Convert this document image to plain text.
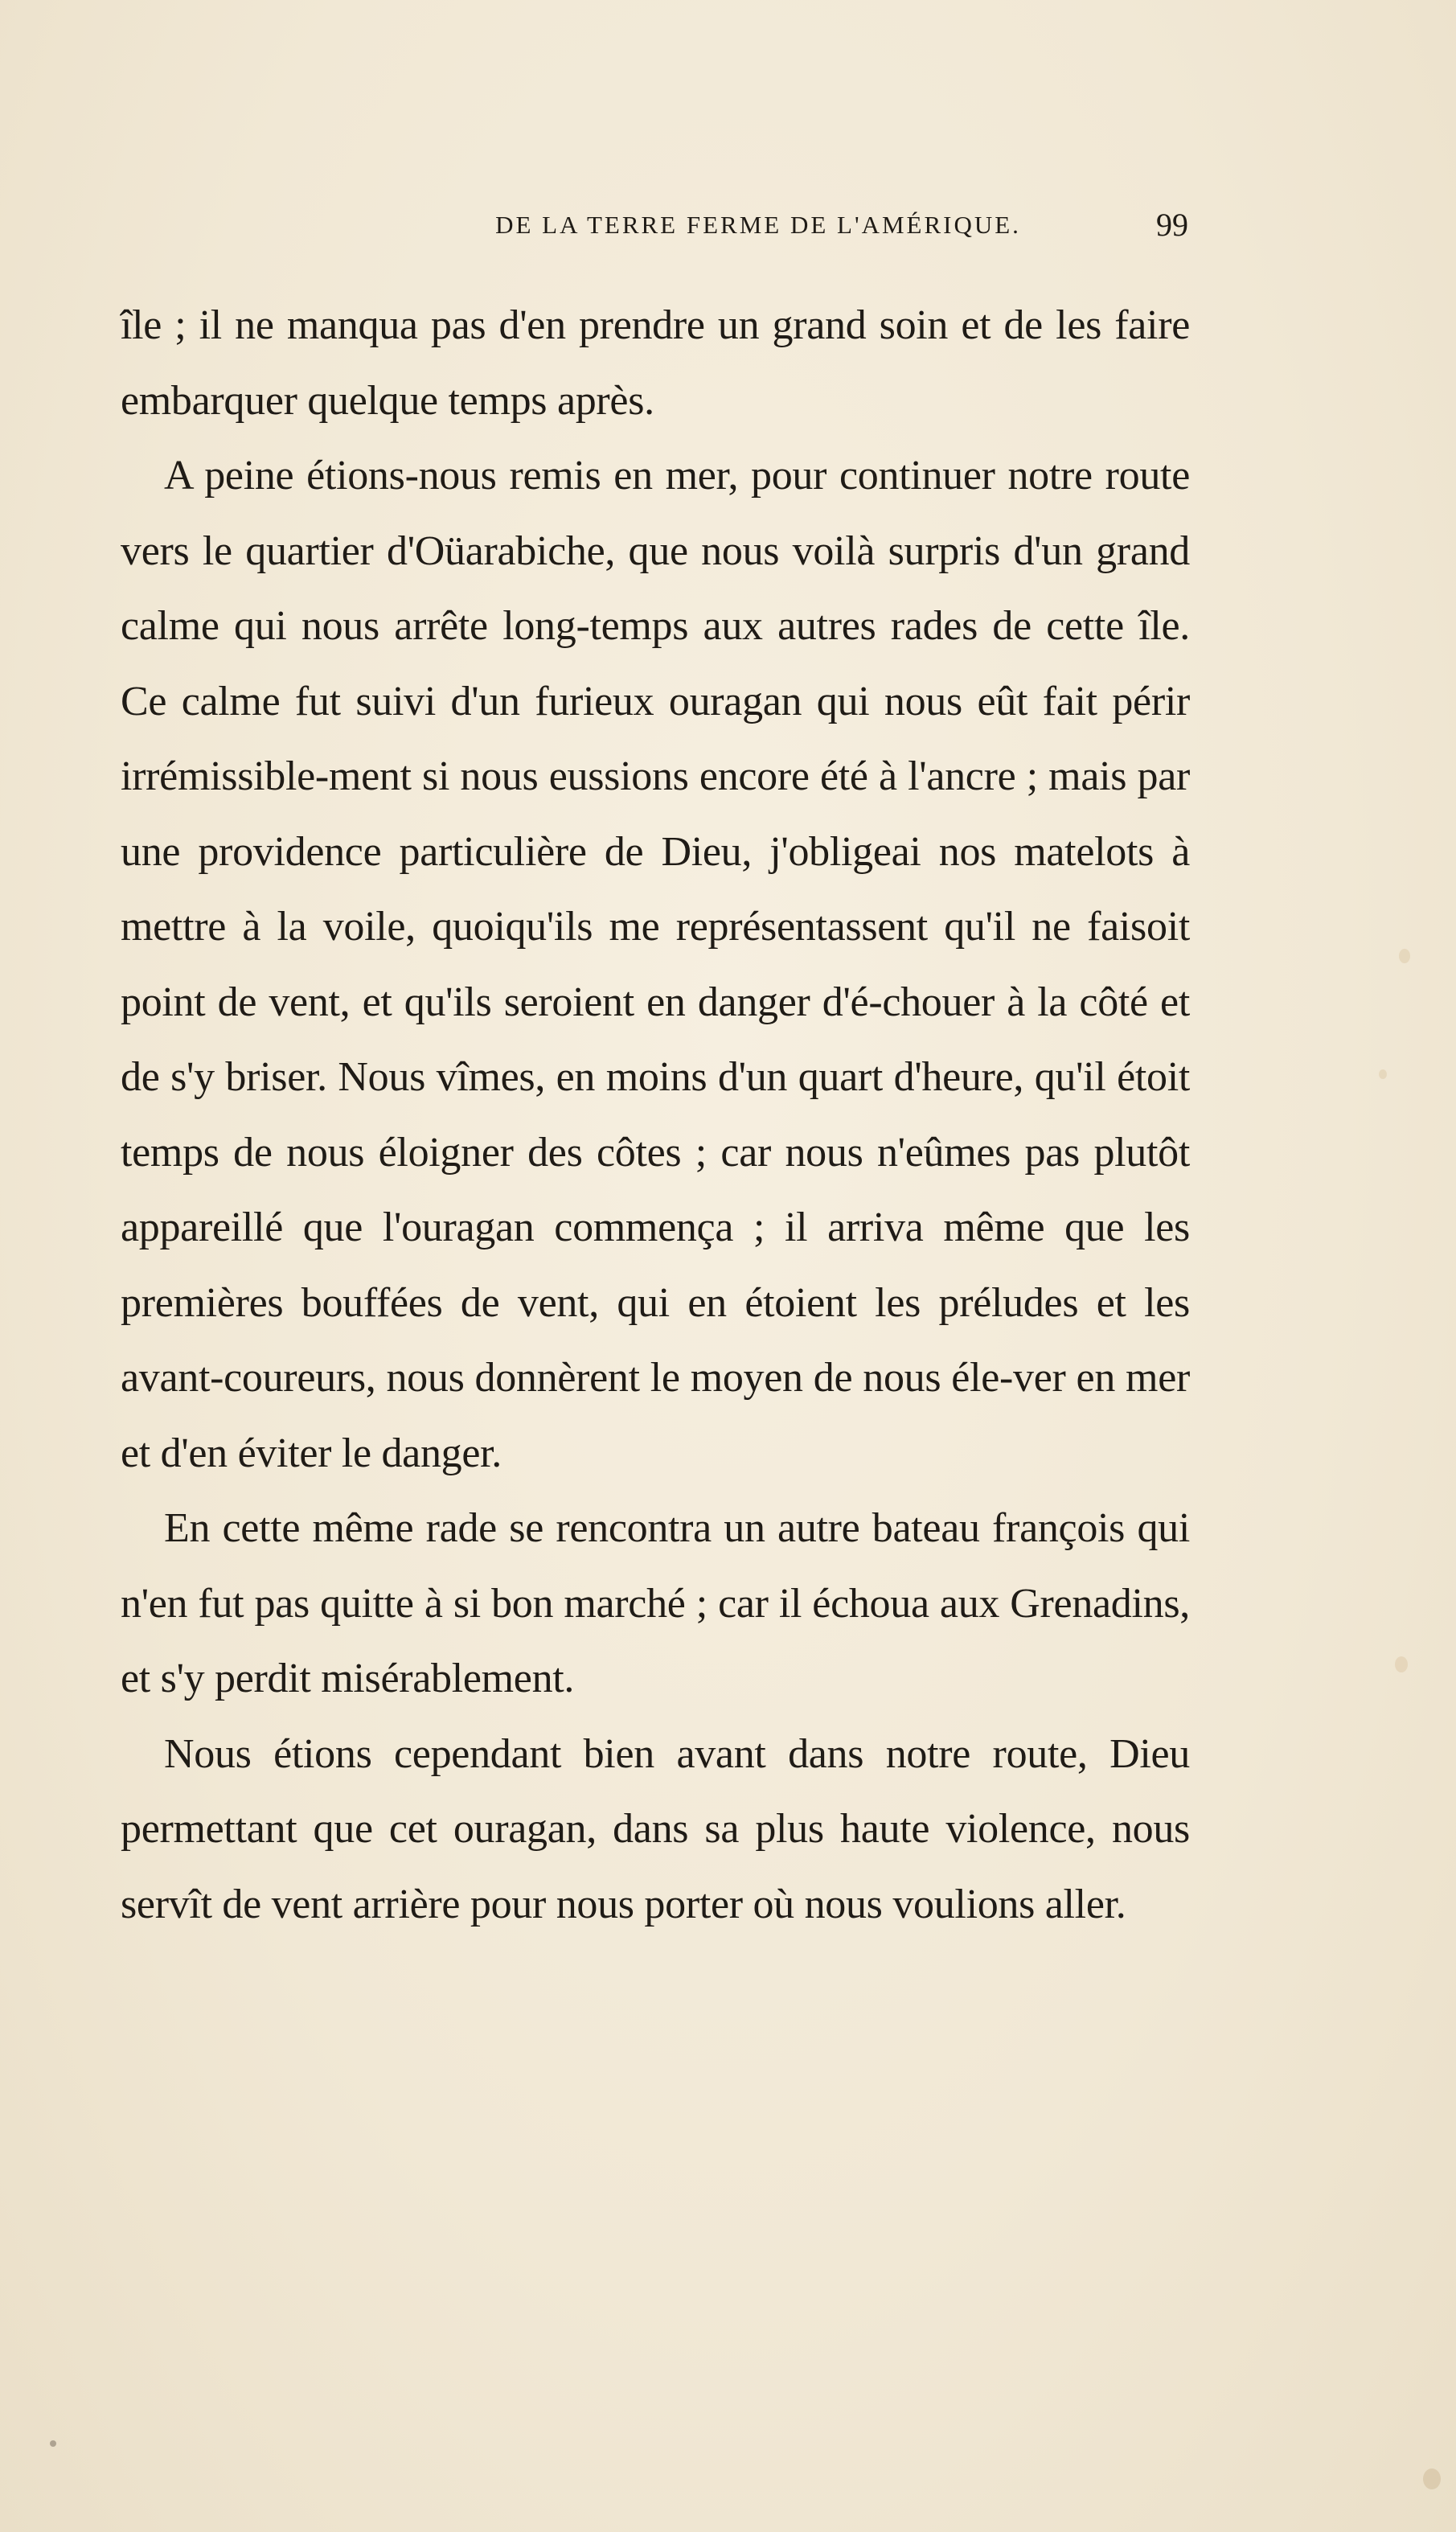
DE LA TERRE FERME DE L'AMÉRIQUE.	99

île ; il ne manqua pas d'en prendre un grand soin et de les faire embarquer quelque temps après.

A peine étions-nous remis en mer, pour continuer notre route vers le quartier d'Oüarabiche, que nous voilà surpris d'un grand calme qui nous arrête long-temps aux autres rades de cette île. Ce calme fut suivi d'un furieux ouragan qui nous eût fait périr irrémissible-ment si nous eussions encore été à l'ancre ; mais par une providence particulière de Dieu, j'obligeai nos matelots à mettre à la voile, quoiqu'ils me représentassent qu'il ne faisoit point de vent, et qu'ils seroient en danger d'é-chouer à la côté et de s'y briser. Nous vîmes, en moins d'un quart d'heure, qu'il étoit temps de nous éloigner des côtes ; car nous n'eûmes pas plutôt appareillé que l'ouragan commença ; il arriva même que les premières bouffées de vent, qui en étoient les préludes et les avant-coureurs, nous donnèrent le moyen de nous éle-ver en mer et d'en éviter le danger.

En cette même rade se rencontra un autre bateau françois qui n'en fut pas quitte à si bon marché ; car il échoua aux Grenadins, et s'y perdit misérablement.

Nous étions cependant bien avant dans notre route, Dieu permettant que cet ouragan, dans sa plus haute violence, nous servît de vent arrière pour nous porter où nous voulions aller.
